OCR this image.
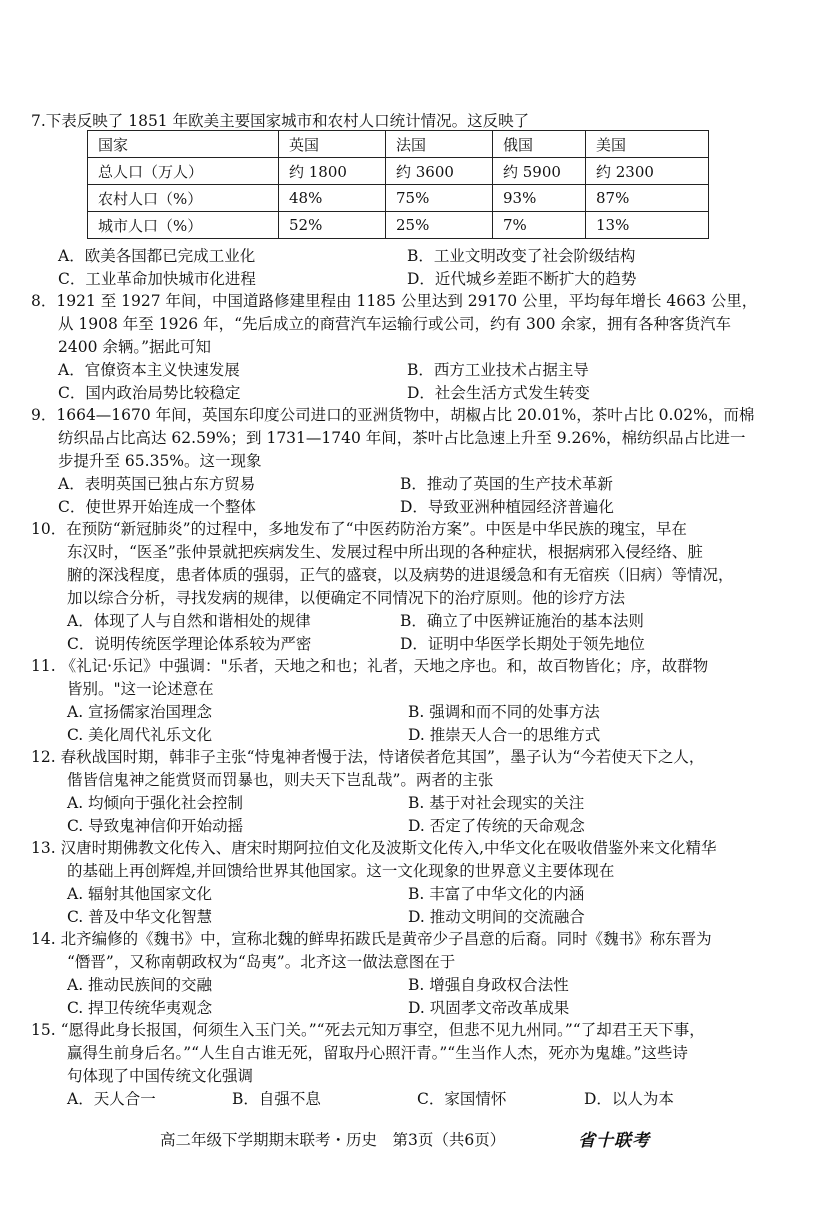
7.下表反映了 1851 年欧美主要国家城市和农村人口统计情况。这反映了
国家	英国	法国	俄国	美国
总人口（万人）	约 1800	约 3600	约 5900	约 2300
农村人口（%）	48%	75%	93%	87%
城市人口（%）	52%	25%	7%	13%
A．欧美各国都已完成工业化	B．工业文明改变了社会阶级结构
C．工业革命加快城市化进程	D．近代城乡差距不断扩大的趋势
8．1921 至 1927 年间，中国道路修建里程由 1185 公里达到 29170 公里，平均每年增长 4663 公里，
从 1908 年至 1926 年，“先后成立的商营汽车运输行或公司，约有 300 余家，拥有各种客货汽车
2400 余辆。”据此可知
A．官僚资本主义快速发展	B．西方工业技术占据主导
C．国内政治局势比较稳定	D．社会生活方式发生转变
9．1664—1670 年间，英国东印度公司进口的亚洲货物中，胡椒占比 20.01%，茶叶占比 0.02%，而棉
纺织品占比高达 62.59%；到 1731—1740 年间，茶叶占比急速上升至 9.26%，棉纺织品占比进一
步提升至 65.35%。这一现象
A．表明英国已独占东方贸易	B．推动了英国的生产技术革新
C．使世界开始连成一个整体	D．导致亚洲种植园经济普遍化
10．在预防“新冠肺炎”的过程中，多地发布了“中医药防治方案”。中医是中华民族的瑰宝，早在
东汉时，“医圣”张仲景就把疾病发生、发展过程中所出现的各种症状，根据病邪入侵经络、脏
腑的深浅程度，患者体质的强弱，正气的盛衰，以及病势的进退缓急和有无宿疾（旧病）等情况，
加以综合分析，寻找发病的规律，以便确定不同情况下的治疗原则。他的诊疗方法
A．体现了人与自然和谐相处的规律	B．确立了中医辨证施治的基本法则
C．说明传统医学理论体系较为严密	D．证明中华医学长期处于领先地位
11. 《礼记·乐记》中强调："乐者，天地之和也；礼者，天地之序也。和，故百物皆化；序，故群物
皆别。"这一论述意在
A. 宣扬儒家治国理念	B. 强调和而不同的处事方法
C. 美化周代礼乐文化	D. 推崇天人合一的思维方式
12. 春秋战国时期，韩非子主张“恃鬼神者慢于法，恃诸侯者危其国”，墨子认为“今若使天下之人，
偕皆信鬼神之能赏贤而罚暴也，则夫天下岂乱哉”。两者的主张
A. 均倾向于强化社会控制	B. 基于对社会现实的关注
C. 导致鬼神信仰开始动摇	D. 否定了传统的天命观念
13. 汉唐时期佛教文化传入、唐宋时期阿拉伯文化及波斯文化传入,中华文化在吸收借鉴外来文化精华
的基础上再创辉煌,并回馈给世界其他国家。这一文化现象的世界意义主要体现在
A. 辐射其他国家文化	B. 丰富了中华文化的内涵
C. 普及中华文化智慧	D. 推动文明间的交流融合
14. 北齐编修的《魏书》中，宣称北魏的鲜卑拓跋氏是黄帝少子昌意的后裔。同时《魏书》称东晋为
“僭晋”，又称南朝政权为“岛夷”。北齐这一做法意图在于
A. 推动民族间的交融	B. 增强自身政权合法性
C. 捍卫传统华夷观念	D. 巩固孝文帝改革成果
15. “愿得此身长报国，何须生入玉门关。”“死去元知万事空，但悲不见九州同。”“了却君王天下事，
赢得生前身后名。”“人生自古谁无死，留取丹心照汗青。”“生当作人杰，死亦为鬼雄。”这些诗
句体现了中国传统文化强调
A．天人合一	B．自强不息	C．家国情怀	D．以人为本
高二年级下学期期末联考・历史　第3页（共6页）	省十联考
